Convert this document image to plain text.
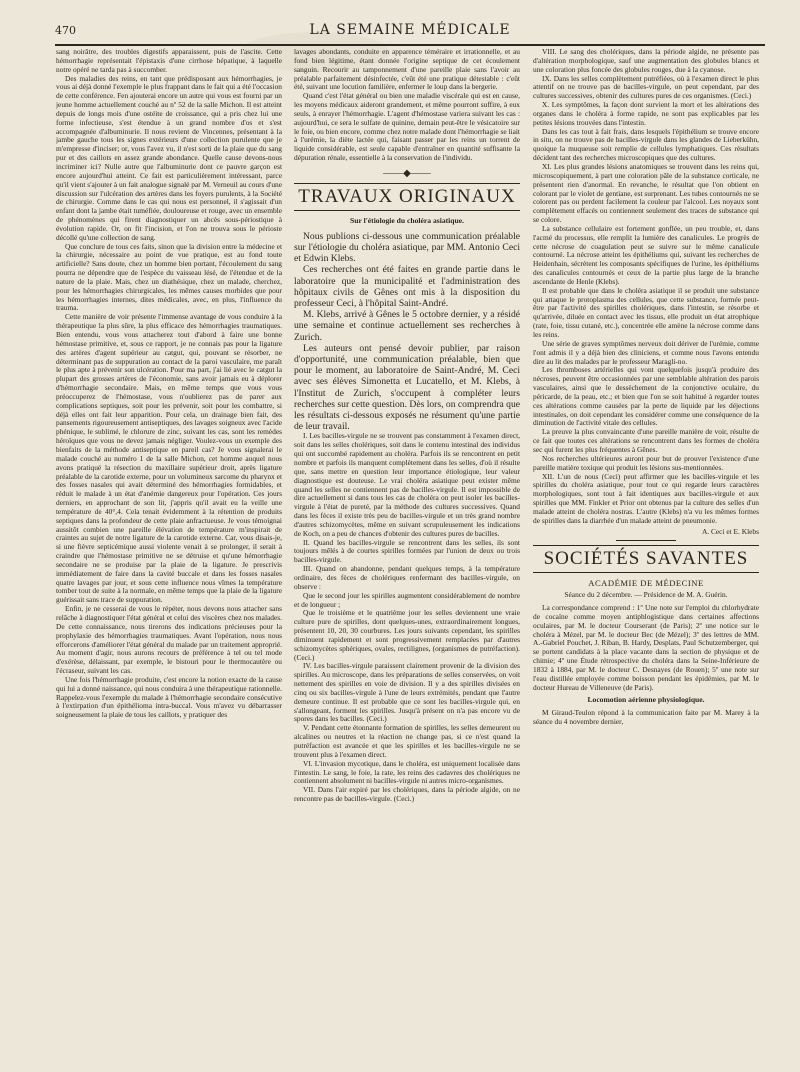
470	LA SEMAINE MÉDICALE

sang noirâtre, des troubles digestifs apparaissent, puis de l'ascite. Cette hémorrhagie représentait l'épistaxis d'une cirrhose hépatique, à laquelle notre opéré ne tarda pas à succomber.

Des maladies des reins, en tant que prédisposant aux hémorrhagies, je vous ai déjà donné l'exemple le plus frappant dans le fait qui a été l'occasion de cette conférence. Fen ajouterai encore un autre qui vous est fourni par un jeune homme actuellement couché au nº 52 de la salle Michon. Il est atteint depuis de longs mois d'une ostéite de croissance, qui a pris chez lui une forme infectieuse, s'est étendue à un grand nombre d'os et s'est accompagnée d'albuminurie. Il nous revient de Vincennes, présentant à la jambe gauche tous les signes extérieurs d'une collection purulente que je m'empresse d'inciser; or, vous l'avez vu, il n'est sorti de la plaie que du sang pur et des caillots en assez grande abondance. Quelle cause devons-nous incriminer ici? Nulle autre que l'albuminurie dont ce pauvre garçon est encore aujourd'hui atteint. Ce fait est particulièrement intéressant, parce qu'il vient s'ajouter à un fait analogue signalé par M. Verneuil au cours d'une discussion sur l'ulcération des artères dans les foyers purulents, à la Société de chirurgie. Comme dans le cas qui nous est personnel, il s'agissait d'un enfant dont la jambe était tuméfiée, douloureuse et rouge, avec un ensemble de phénomènes qui firent diagnostiquer un abcès sous-périostique à évolution rapide. Or, on fit l'incision, et l'on ne trouva sous le périoste décollé qu'une collection de sang.

Que conclure de tous ces faits, sinon que la division entre la médecine et la chirurgie, nécessaire au point de vue pratique, est au fond toute artificielle? Sans doute, chez un homme bien portant, l'écoulement du sang pourra ne dépendre que de l'espèce du vaisseau lésé, de l'étendue et de la nature de la plaie. Mais, chez un diathésique, chez un malade, cherchez, pour les hémorrhagies chirurgicales, les mêmes causes morbides que pour les hémorrhagies internes, dites médicales, avec, en plus, l'influence du trauma.

Cette manière de voir présente l'immense avantage de vous conduire à la thérapeutique la plus sûre, la plus efficace des hémorrhagies traumatiques. Bien entendu, vous vous attacherez tout d'abord à faire une bonne hémostase primitive, et, sous ce rapport, je ne connais pas pour la ligature des artères d'agent supérieur au catgut, qui, pouvant se résorber, ne déterminant pas de suppuration au contact de la paroi vasculaire, me paraît le plus apte à prévenir son ulcération. Pour ma part, j'ai lié avec le catgut la plupart des grosses artères de l'économie, sans avoir jamais eu à déplorer d'hémorrhagie secondaire. Mais, en même temps que vous vous préoccuperez de l'hémostase, vous n'oublierez pas de parer aux complications septiques, soit pour les prévenir, soit pour les combattre, si déjà elles ont fait leur apparition. Pour cela, un drainage bien fait, des pansements rigoureusement antiseptiques, des lavages soigneux avec l'acide phénique, le sublimé, le chlorure de zinc, suivant les cas, sont les remèdes héroïques que vous ne devez jamais négliger. Voulez-vous un exemple des bienfaits de la méthode antiseptique en pareil cas? Je vous signalerai le malade couché au numéro 1 de la salle Michon, cet homme auquel nous avons pratiqué la résection du maxillaire supérieur droit, après ligature préalable de la carotide externe, pour un volumineux sarcome du pharynx et des fosses nasales qui avait déterminé des hémorrhagies formidables, et réduit le malade à un état d'anémie dangereux pour l'opération. Ces jours derniers, en approchant de son lit, j'appris qu'il avait eu la veille une température de 40°,4. Cela tenait évidemment à la rétention de produits septiques dans la profondeur de cette plaie anfractueuse. Je vous témoignai aussitôt combien une pareille élévation de température m'inspirait de craintes au sujet de notre ligature de la carotide externe. Car, vous disais-je, si une fièvre septicémique aussi violente venait à se prolonger, il serait à craindre que l'hémostase primitive ne se détruise et qu'une hémorrhagie secondaire ne se produise par la plaie de la ligature. Je prescrivis immédiatement de faire dans la cavité buccale et dans les fosses nasales quatre lavages par jour, et sous cette influence nous vîmes la température tomber tout de suite à la normale, en même temps que la plaie de la ligature guérissait sans trace de suppuration.

Enfin, je ne cesserai de vous le répéter, nous devons nous attacher sans relâche à diagnostiquer l'état général et celui des viscères chez nos malades. De cette connaissance, nous tirerons des indications précieuses pour la prophylaxie des hémorrhagies traumatiques. Avant l'opération, nous nous efforcerons d'améliorer l'état général du malade par un traitement approprié. Au moment d'agir, nous aurons recours de préférence à tel ou tel mode d'exérèse, délaissant, par exemple, le bistouri pour le thermocautère ou l'écraseur, suivant les cas.

Une fois l'hémorrhagie produite, c'est encore la notion exacte de la cause qui lui a donné naissance, qui nous conduira à une thérapeutique rationnelle. Rappelez-vous l'exemple du malade à l'hémorrhagie secondaire consécutive à l'extirpation d'un épithélioma intra-buccal. Vous m'avez vu débarrasser soigneusement la plaie de tous les caillots, y pratiquer des

lavages abondants, conduite en apparence téméraire et irrationnelle, et au fond bien légitime, étant donnée l'origine septique de cet écoulement sanguin. Recourir au tamponnement d'une pareille plaie sans l'avoir au préalable parfaitement désinfectée, c'eût été une pratique détestable : c'eût été, suivant une locution familière, enfermer le loup dans la bergerie.

Quand c'est l'état général ou bien une maladie viscérale qui est en cause, les moyens médicaux aideront grandement, et même pourront suffire, à eux seuls, à enrayer l'hémorrhagie. L'agent d'hémostase variera suivant les cas : aujourd'hui, ce sera le sulfate de quinine, demain peut-être le vésicatoire sur le foie, ou bien encore, comme chez notre malade dont l'hémorrhagie se liait à l'urémie, la diète lactée qui, faisant passer par les reins un torrent de liquide considérable, est seule capable d'entraîner en quantité suffisante la dépuration rénale, essentielle à la conservation de l'individu.

——◆——
TRAVAUX ORIGINAUX
Sur l'étiologie du choléra asiatique.

Nous publions ci-dessous une communication préalable sur l'étiologie du choléra asiatique, par MM. Antonio Ceci et Edwin Klebs.

Ces recherches ont été faites en grande partie dans le laboratoire que la municipalité et l'administration des hôpitaux civils de Gênes ont mis à la disposition du professeur Ceci, à l'hôpital Saint-André.

M. Klebs, arrivé à Gênes le 5 octobre dernier, y a résidé une semaine et continue actuellement ses recherches à Zurich.

Les auteurs ont pensé devoir publier, par raison d'opportunité, une communication préalable, bien que pour le moment, au laboratoire de Saint-André, M. Ceci avec ses élèves Simonetta et Lucatello, et M. Klebs, à l'Institut de Zurich, s'occupent à compléter leurs recherches sur cette question. Dès lors, on comprendra que les résultats ci-dessous exposés ne résument qu'une partie de leur travail.

I. Les bacilles-virgule ne se trouvent pas constamment à l'examen direct, soit dans les selles cholériques, soit dans le contenu intestinal des individus qui ont succombé rapidement au choléra. Parfois ils se rencontrent en petit nombre et parfois ils manquent complètement dans les selles, d'où il résulte que, sans mettre en question leur importance étiologique, leur valeur diagnostique est douteuse. Le vrai choléra asiatique peut exister même quand les selles ne contiennent pas de bacilles-virgule. Il est impossible de dire actuellement si dans tous les cas de choléra on peut isoler les bacilles-virgule à l'état de pureté, par la méthode des cultures successives. Quand dans les fèces il existe très peu de bacilles-virgule et un très grand nombre d'autres schizomycètes, même en suivant scrupuleusement les indications de Koch, on a peu de chances d'obtenir des cultures pures de bacilles.

II. Quand les bacilles-virgule se rencontrent dans les selles, ils sont toujours mêlés à de courtes spirilles formées par l'union de deux ou trois bacilles-virgule.

III. Quand on abandonne, pendant quelques temps, à la température ordinaire, des fèces de cholériques renfermant des bacilles-virgule, on observe :

Que le second jour les spirilles augmentent considérablement de nombre et de longueur ;

Que le troisième et le quatrième jour les selles deviennent une vraie culture pure de spirilles, dont quelques-unes, extraordinairement longues, présentent 10, 20, 30 courbures. Les jours suivants cependant, les spirilles diminuent rapidement et sont progressivement remplacées par d'autres schizomycètes sphériques, ovales, rectilignes, (organismes de putréfaction). (Ceci.)

IV. Les bacilles-virgule paraissent clairement provenir de la division des spirilles. Au microscope, dans les préparations de selles conservées, on voit nettement des spirilles en voie de division. Il y a des spirilles divisées en cinq ou six bacilles-virgule à l'une de leurs extrémités, pendant que l'autre demeure continue. Il est probable que ce sont les bacilles-virgule qui, en s'allongeant, forment les spirilles. Jusqu'à présent on n'a pas encore vu de spores dans les bacilles. (Ceci.)

V. Pendant cette étonnante formation de spirilles, les selles demeurent ou alcalines ou neutres et la réaction ne change pas, si ce n'est quand la putréfaction est avancée et que les spirilles et les bacilles-virgule ne se trouvent plus à l'examen direct.

VI. L'invasion mycotique, dans le choléra, est uniquement localisée dans l'intestin. Le sang, le foie, la rate, les reins des cadavres des cholériques ne contiennent absolument ni bacilles-virgule ni autres micro-organismes.

VII. Dans l'air expiré par les cholériques, dans la période algide, on ne rencontre pas de bacilles-virgule. (Ceci.)

VIII. Le sang des cholériques, dans la période algide, ne présente pas d'altération morphologique, sauf une augmentation des globules blancs et une coloration plus foncée des globules rouges, due à la cyanose.

IX. Dans les selles complètement putréfiées, où à l'examen direct le plus attentif on ne trouve pas de bacilles-virgule, on peut cependant, par des cultures successives, obtenir des cultures pures de ces organismes. (Ceci.)

X. Les symptômes, la façon dont survient la mort et les altérations des organes dans le choléra à forme rapide, ne sont pas explicables par les petites lésions trouvées dans l'intestin.

Dans les cas tout à fait frais, dans lesquels l'épithélium se trouve encore in situ, on ne trouve pas de bacilles-virgule dans les glandes de Lieberkühn, quoique la muqueuse soit remplie de cellules lymphatiques. Ces résultats décident tant des recherches microscopiques que des cultures.

XI. Les plus grandes lésions anatomiques se trouvent dans les reins qui, microscopiquement, à part une coloration pâle de la substance corticale, ne présentent rien d'anormal. En revanche, le résultat que l'on obtient en colorant par le violet de gentiane, est surprenant. Les tubes contournés ne se colorent pas ou perdent facilement la couleur par l'alcool. Les noyaux sont complètement effacés ou contiennent seulement des traces de substance qui se colore.

La substance cellulaire est fortement gonflée, un peu trouble, et, dans l'acmé du processus, elle remplit la lumière des canalicules. Le progrès de cette nécrose de coagulation peut se suivre sur le même canalicule contourné. La nécrose atteint les épithéliums qui, suivant les recherches de Heidenhain, sécrètent les composants spécifiques de l'urine, les épithéliums des canalicules contournés et ceux de la partie plus large de la branche ascendante de Henle (Klebs).

Il est probable que dans le choléra asiatique il se produit une substance qui attaque le protoplasma des cellules, que cette substance, formée peut-être par l'activité des spirilles cholériques, dans l'intestin, se résorbe et qu'arrivée, diluée en contact avec les tissus, elle produit un état atrophique (rate, foie, tissu cutané, etc.), concentrée elle amène la nécrose comme dans les reins.

Une série de graves symptômes nerveux doit dériver de l'urémie, comme l'ont admis il y a déjà bien des cliniciens, et comme nous l'avons entendu dire au lit des malades par le professeur Maragli-no.

Les thromboses artérielles qui vont quelquefois jusqu'à produire des nécroses, peuvent être occasionnées par une semblable altération des parois vasculaires, ainsi que le dessèchement de la conjonctive oculaire, du péricarde, de la peau, etc.; et bien que l'on se soit habitué à regarder toutes ces altérations comme causées par la perte de liquide par les déjections intestinales, on doit cependant les considérer comme une conséquence de la diminution de l'activité vitale des cellules.

La preuve la plus convaincante d'une pareille manière de voir, résulte de ce fait que toutes ces altérations se rencontrent dans les formes de choléra sec qui furent les plus fréquentes à Gênes.

Nos recherches ultérieures auront pour but de prouver l'existence d'une pareille matière toxique qui produit les lésions sus-mentionnées.

XII. L'un de nous (Ceci) peut affirmer que les bacilles-virgule et les spirilles du choléra asiatique, pour tout ce qui regarde leurs caractères morphologiques, sont tout à fait identiques aux bacilles-virgule et aux spirilles que MM. Finkler et Prior ont obtenus par la culture des selles d'un malade atteint de choléra nostras. L'autre (Klebs) n'a vu les mêmes formes de spirilles dans la diarrhée d'un malade atteint de pneumonie.

A. Ceci et E. Klebs
SOCIÉTÉS SAVANTES
ACADÉMIE DE MÉDECINE
Séance du 2 décembre. — Présidence de M. A. Guérin.

La correspondance comprend : 1º Une note sur l'emploi du chlorhydrate de cocaïne comme moyen antiphlogistique dans certaines affections oculaires, par M. le docteur Courserant (de Paris); 2º une notice sur le choléra à Mézel, par M. le docteur Bec (de Mézel); 3º des lettres de MM. A.-Gabriel Pouchet, J. Riban, B. Hardy, Desplats, Paul Schutzemberger, qui se portent candidats à la place vacante dans la section de physique et de chimie; 4º une Étude rétrospective du choléra dans la Seine-Inférieure de 1832 à 1884, par M. le docteur C. Desnayes (de Rouen); 5º une note sur l'eau distillée employée comme boisson pendant les épidémies, par M. le docteur Hureau de Villeneuve (de Paris).

Locomotion aérienne physiologique.

M Giraud-Teulon répond à la communication faite par M. Marey à la séance du 4 novembre dernier,
